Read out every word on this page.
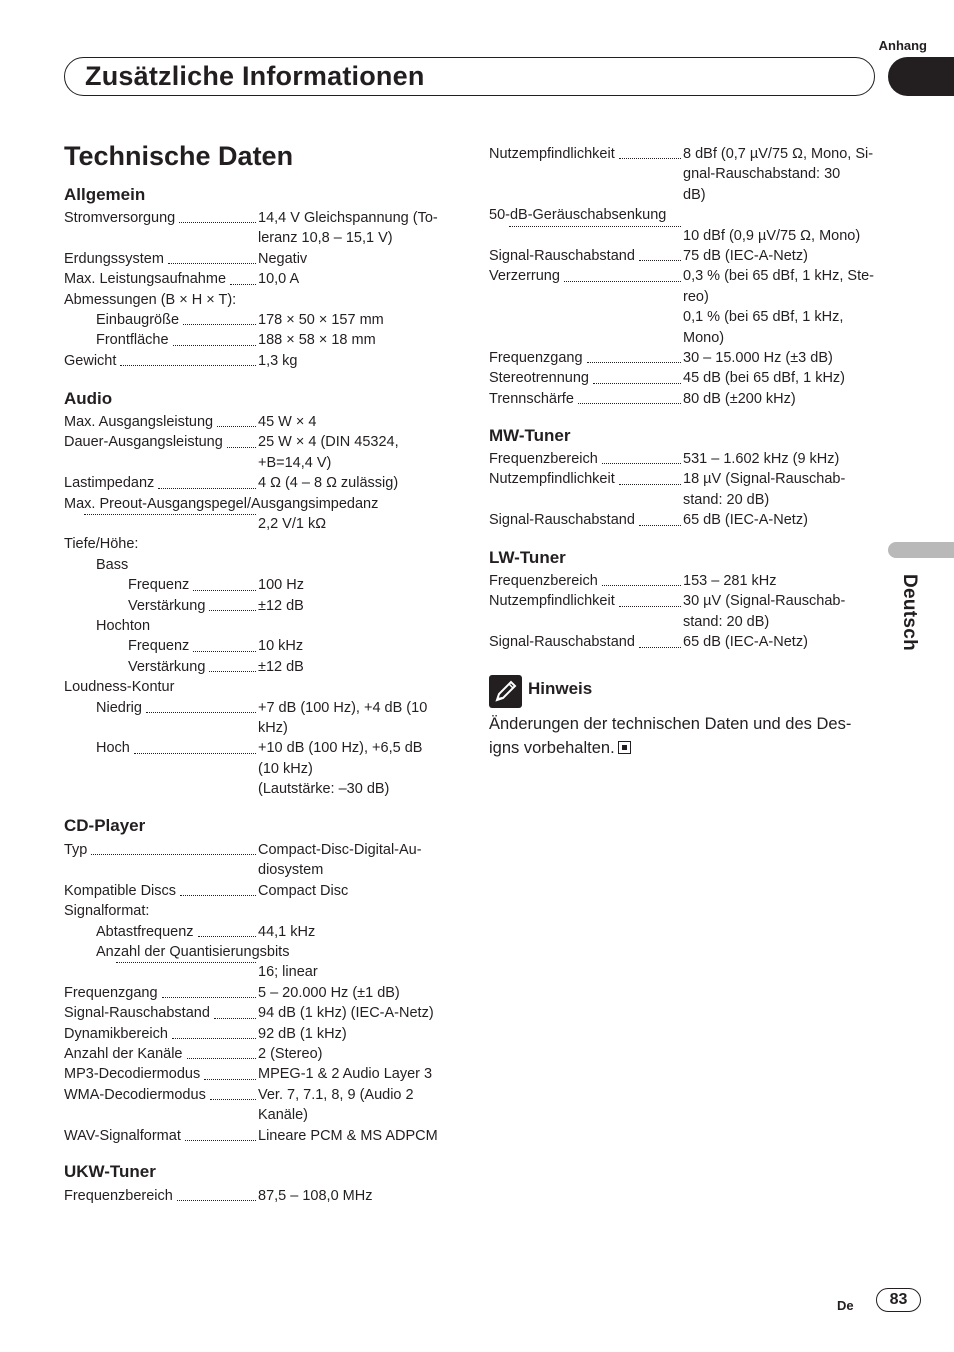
Anhang
Zusätzliche Informationen
Deutsch
Technische Daten
Allgemein
Stromversorgung	14,4 V Gleichspannung (To-
leranz 10,8 – 15,1 V)
Erdungssystem	Negativ
Max. Leistungsaufnahme 10,0 A
Abmessungen (B × H × T):
Einbaugröße	178 × 50 × 157 mm
Frontfläche	188 × 58 × 18 mm
Gewicht	1,3 kg
Audio
Max. Ausgangsleistung	45 W × 4
Dauer-Ausgangsleistung 25 W × 4 (DIN 45324,
+B=14,4 V)
Lastimpedanz	4 Ω (4 – 8 Ω zulässig)
Max. Preout-Ausgangspegel/Ausgangsimpedanz
2,2 V/1 kΩ
Tiefe/Höhe:
Bass
Frequenz	100 Hz
Verstärkung	±12 dB
Hochton
Frequenz	10 kHz
Verstärkung	±12 dB
Loudness-Kontur
Niedrig	+7 dB (100 Hz), +4 dB (10
kHz)
Hoch	+10 dB (100 Hz), +6,5 dB
(10 kHz)
(Lautstärke: –30 dB)
CD-Player
Typ	Compact-Disc-Digital-Au-
diosystem
Kompatible Discs	Compact Disc
Signalformat:
Abtastfrequenz	44,1 kHz
Anzahl der Quantisierungsbits
16; linear
Frequenzgang	5 – 20.000 Hz (±1 dB)
Signal-Rauschabstand	94 dB (1 kHz) (IEC-A-Netz)
Dynamikbereich	92 dB (1 kHz)
Anzahl der Kanäle	2 (Stereo)
MP3-Decodiermodus	MPEG-1 & 2 Audio Layer 3
WMA-Decodiermodus	Ver. 7, 7.1, 8, 9 (Audio 2
Kanäle)
WAV-Signalformat	Lineare PCM & MS ADPCM
UKW-Tuner
Frequenzbereich	87,5 – 108,0 MHz
Nutzempfindlichkeit	8 dBf (0,7 µV/75 Ω, Mono, Si-
gnal-Rauschabstand: 30
dB)
50-dB-Geräuschabsenkung
10 dBf (0,9 µV/75 Ω, Mono)
Signal-Rauschabstand	75 dB (IEC-A-Netz)
Verzerrung	0,3 % (bei 65 dBf, 1 kHz, Ste-
reo)
0,1 % (bei 65 dBf, 1 kHz,
Mono)
Frequenzgang	30 – 15.000 Hz (±3 dB)
Stereotrennung	45 dB (bei 65 dBf, 1 kHz)
Trennschärfe	80 dB (±200 kHz)
MW-Tuner
Frequenzbereich	531 – 1.602 kHz (9 kHz)
Nutzempfindlichkeit	18 µV (Signal-Rauschab-
stand: 20 dB)
Signal-Rauschabstand	65 dB (IEC-A-Netz)
LW-Tuner
Frequenzbereich	153 – 281 kHz
Nutzempfindlichkeit	30 µV (Signal-Rauschab-
stand: 20 dB)
Signal-Rauschabstand	65 dB (IEC-A-Netz)
Hinweis
Änderungen der technischen Daten und des Des-
igns vorbehalten.
De	83
